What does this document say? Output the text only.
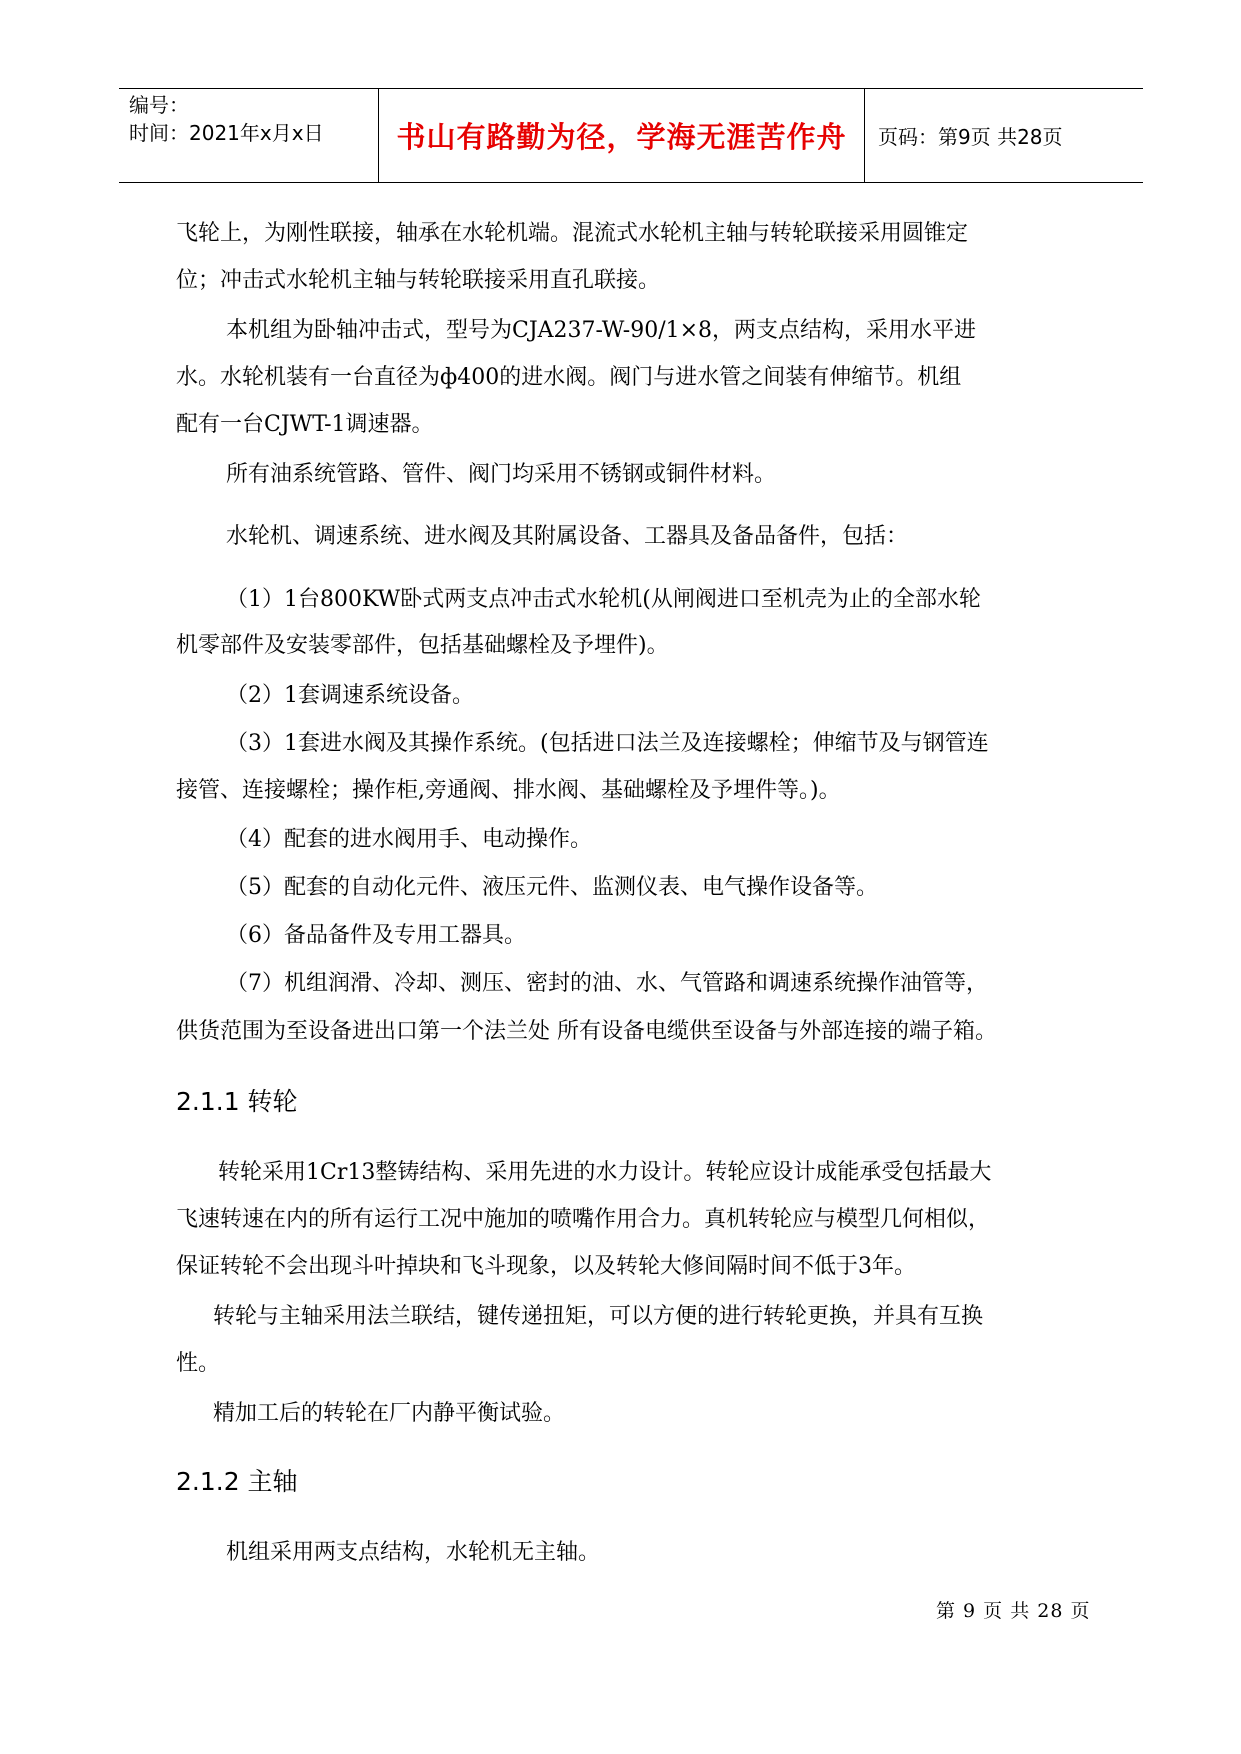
编号：
时间：2021年x月x日	书山有路勤为径，学海无涯苦作舟	页码：第9页 共28页
飞轮上，为刚性联接，轴承在水轮机端。混流式水轮机主轴与转轮联接采用圆锥定
位；冲击式水轮机主轴与转轮联接采用直孔联接。
本机组为卧轴冲击式，型号为CJA237-W-90/1×8，两支点结构，采用水平进
水。水轮机装有一台直径为ф400的进水阀。阀门与进水管之间装有伸缩节。机组
配有一台CJWT-1调速器。
所有油系统管路、管件、阀门均采用不锈钢或铜件材料。
水轮机、调速系统、进水阀及其附属设备、工器具及备品备件，包括：
（1）1台800KW卧式两支点冲击式水轮机(从闸阀进口至机壳为止的全部水轮
机零部件及安装零部件，包括基础螺栓及予埋件)。
（2）1套调速系统设备。
（3）1套进水阀及其操作系统。(包括进口法兰及连接螺栓；伸缩节及与钢管连
接管、连接螺栓；操作柜,旁通阀、排水阀、基础螺栓及予埋件等。)。
（4）配套的进水阀用手、电动操作。
（5）配套的自动化元件、液压元件、监测仪表、电气操作设备等。
（6）备品备件及专用工器具。
（7）机组润滑、冷却、测压、密封的油、水、气管路和调速系统操作油管等，
供货范围为至设备进出口第一个法兰处 所有设备电缆供至设备与外部连接的端子箱。
2.1.1 转轮
转轮采用1Cr13整铸结构、采用先进的水力设计。转轮应设计成能承受包括最大
飞速转速在内的所有运行工况中施加的喷嘴作用合力。真机转轮应与模型几何相似，
保证转轮不会出现斗叶掉块和飞斗现象，以及转轮大修间隔时间不低于3年。
转轮与主轴采用法兰联结，键传递扭矩，可以方便的进行转轮更换，并具有互换
性。
精加工后的转轮在厂内静平衡试验。
2.1.2 主轴
机组采用两支点结构，水轮机无主轴。
第 9 页 共 28 页
